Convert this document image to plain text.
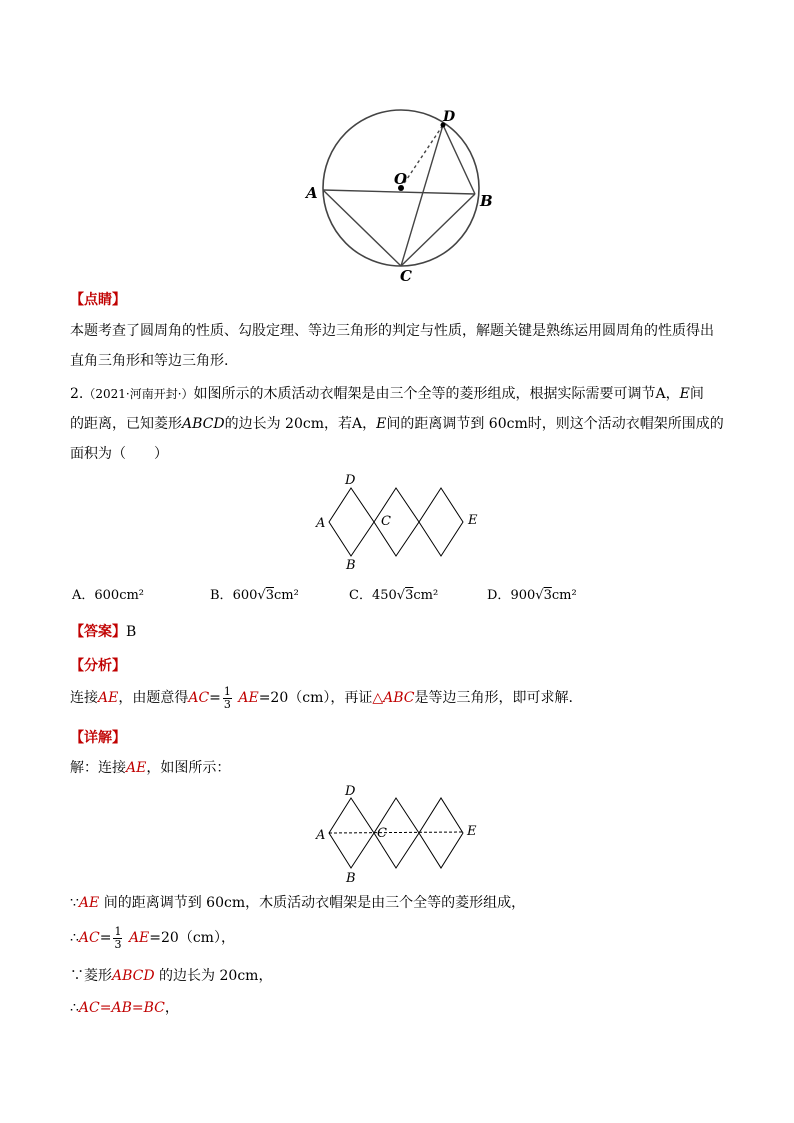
D
O
A	B
C
【点睛】
本题考查了圆周角的性质、勾股定理、等边三角形的判定与性质，解题关键是熟练运用圆周角的性质得出
直角三角形和等边三角形.
2.（2021·河南开封·）如图所示的木质活动衣帽架是由三个全等的菱形组成，根据实际需要可调节A，E间
的距离，已知菱形ABCD的边长为 20cm，若A，E间的距离调节到 60cm时，则这个活动衣帽架所围成的
面积为（　　）
D
A	C	E
B
A．600cm²	B．600√3cm²	C．450√3cm²	D．900√3cm²
【答案】B
【分析】
连接AE，由题意得$AC= \frac{1}{3} AE=20(cm)$，再证△ABC是等边三角形，即可求解.
【详解】
解：连接AE，如图所示：
D
A	C	E
B
∵AE 间的距离调节到 60cm，木质活动衣帽架是由三个全等的菱形组成，
∴AC= $\frac{1}{3} AE=20(cm)$，
∵菱形ABCD 的边长为 20cm，
∴AC=AB=BC，
